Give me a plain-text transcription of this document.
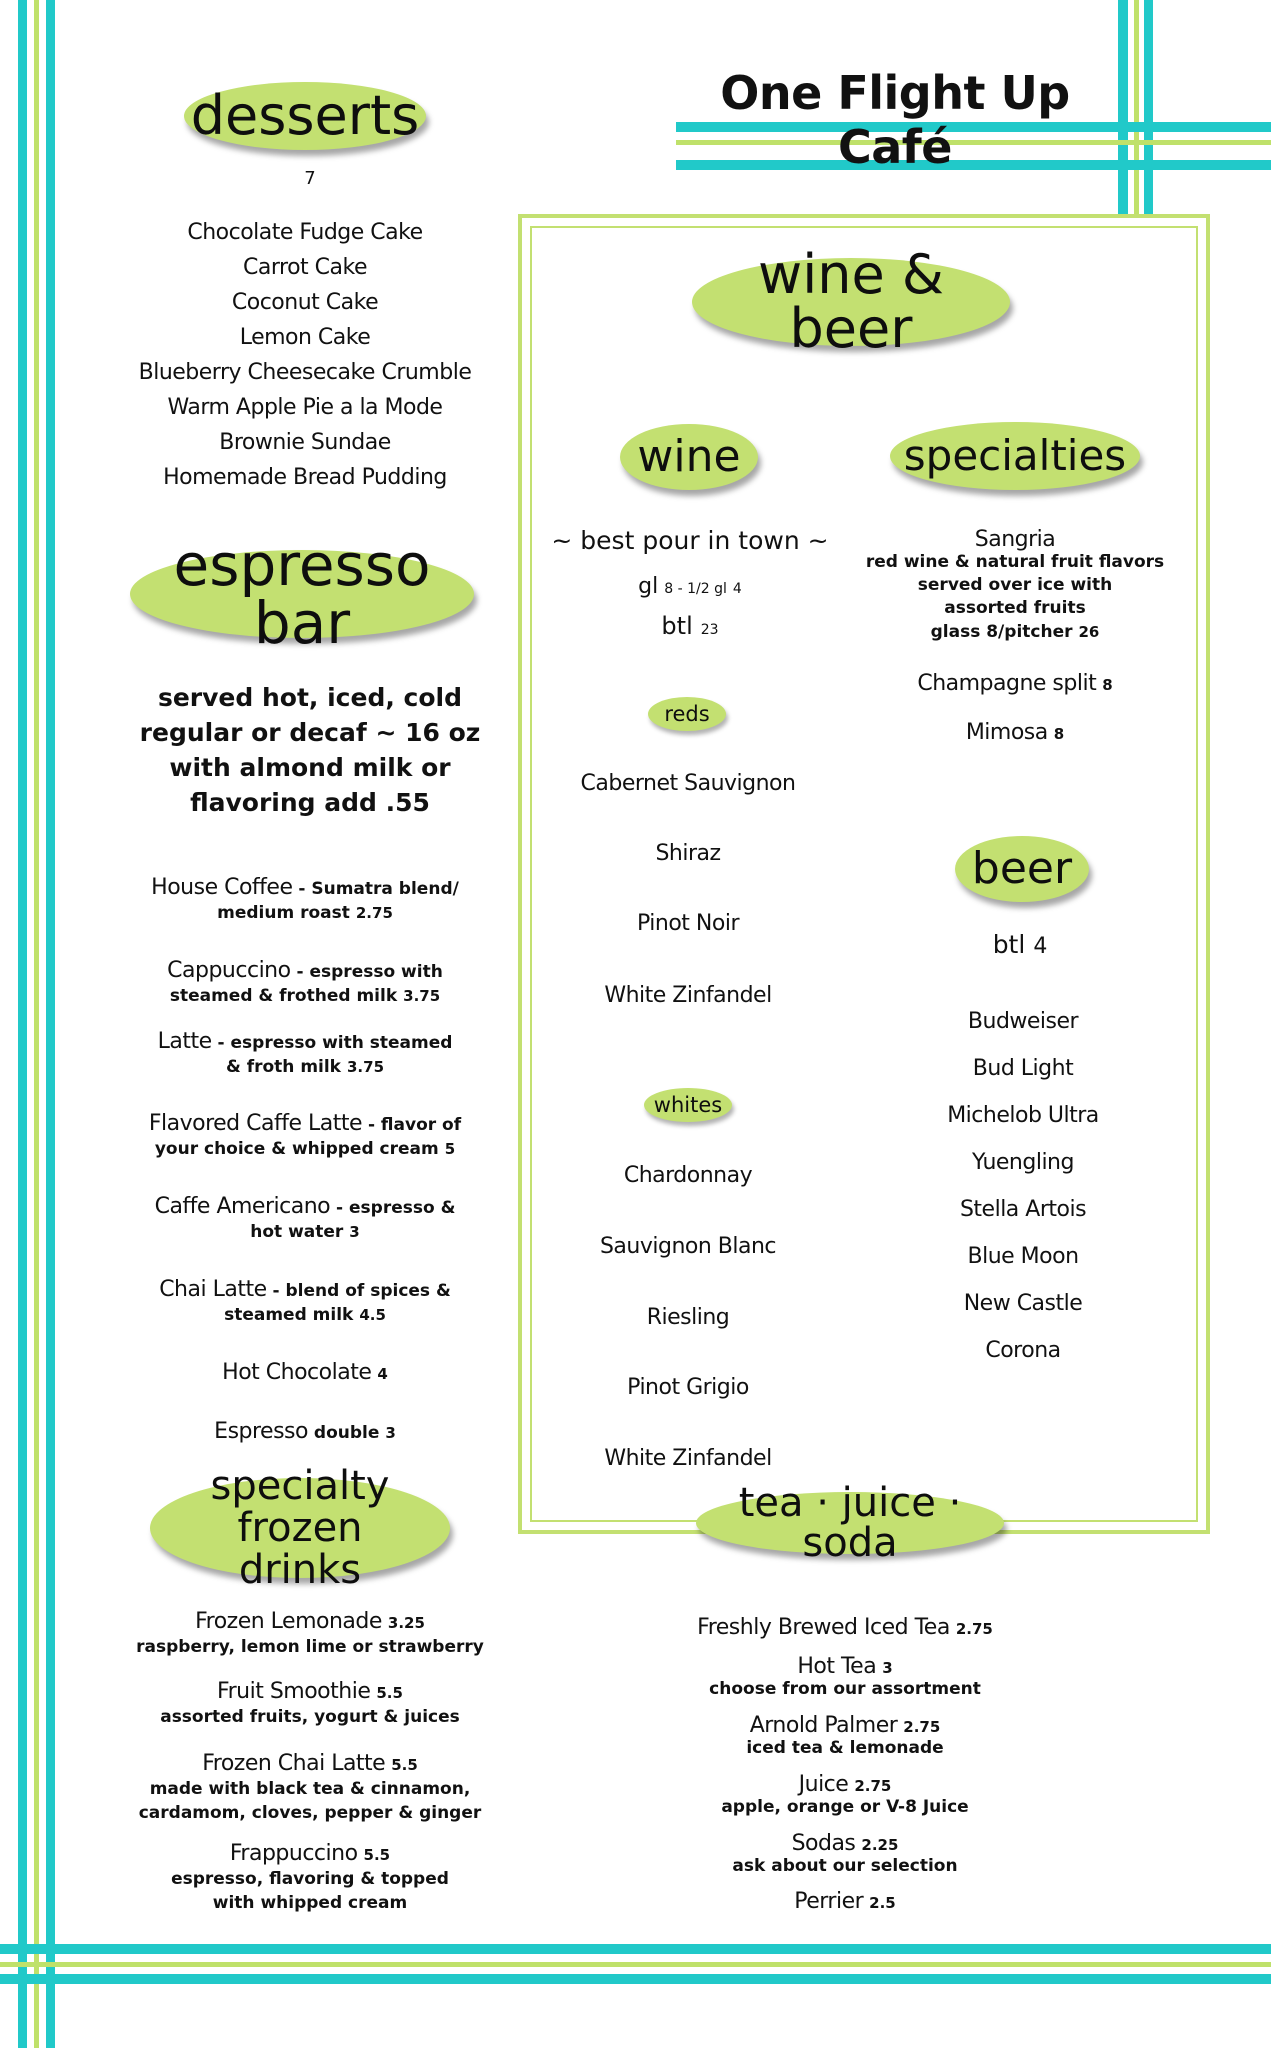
One Flight Up Café
desserts
7
Chocolate Fudge Cake
Carrot Cake
Coconut Cake
Lemon Cake
Blueberry Cheesecake Crumble
Warm Apple Pie a la Mode
Brownie Sundae
Homemade Bread Pudding
espresso bar
served hot, iced, cold
regular or decaf ~ 16 oz
with almond milk or
flavoring add .55
House Coffee - Sumatra blend/
medium roast 2.75
Cappuccino - espresso with
steamed & frothed milk 3.75
Latte - espresso with steamed
& froth milk 3.75
Flavored Caffe Latte - flavor of
your choice & whipped cream 5
Caffe Americano - espresso &
hot water 3
Chai Latte - blend of spices &
steamed milk 4.5
Hot Chocolate 4
Espresso double 3
specialty frozen
drinks
Frozen Lemonade 3.25
raspberry, lemon lime or strawberry
Fruit Smoothie 5.5
assorted fruits, yogurt & juices
Frozen Chai Latte 5.5
made with black tea & cinnamon,
cardamom, cloves, pepper & ginger
Frappuccino 5.5
espresso, flavoring & topped
with whipped cream
wine & beer
wine
~ best pour in town ~
gl 8 - 1/2 gl 4
btl 23
reds
Cabernet Sauvignon
Shiraz
Pinot Noir
White Zinfandel
whites
Chardonnay
Sauvignon Blanc
Riesling
Pinot Grigio
White Zinfandel
specialties
Sangria
red wine & natural fruit flavors
served over ice with
assorted fruits
glass 8/pitcher 26
Champagne split 8
Mimosa 8
beer
btl 4
Budweiser
Bud Light
Michelob Ultra
Yuengling
Stella Artois
Blue Moon
New Castle
Corona
tea · juice · soda
Freshly Brewed Iced Tea 2.75
Hot Tea 3
choose from our assortment
Arnold Palmer 2.75
iced tea & lemonade
Juice 2.75
apple, orange or V-8 Juice
Sodas 2.25
ask about our selection
Perrier 2.5
